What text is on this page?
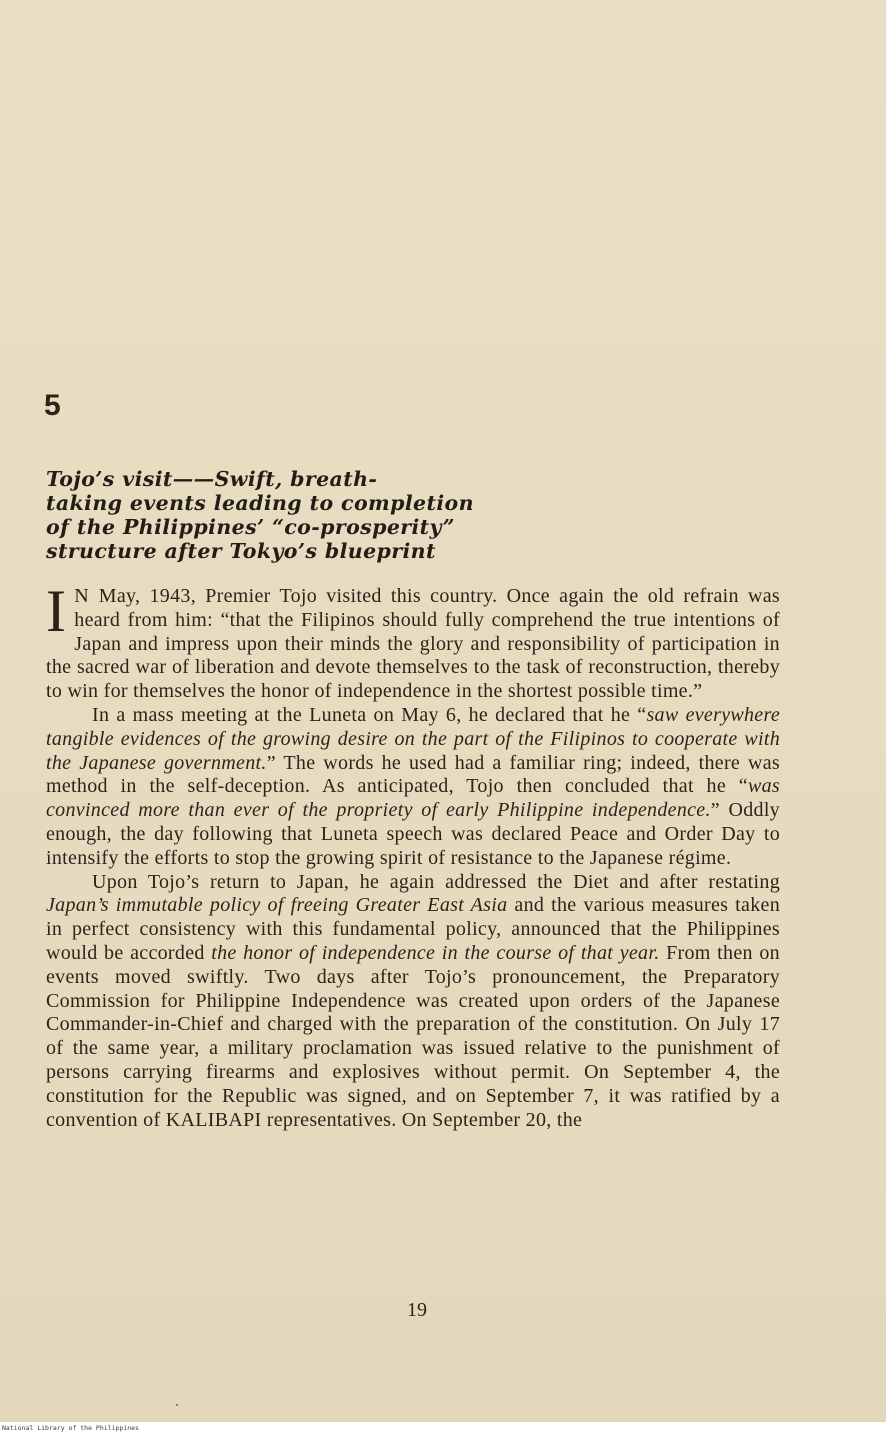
5
Tojo’s visit——Swift, breath-
taking events leading to completion
of the Philippines’ “co-prosperity”
structure after Tokyo’s blueprint

I N May, 1943, Premier Tojo visited this country. Once again the old refrain was heard from him: “that the Filipinos should fully comprehend the true intentions of Japan and impress upon their minds the glory and responsibility of participation in the sacred war of liberation and devote themselves to the task of reconstruction, thereby to win for themselves the honor of independence in the shortest possible time.”

In a mass meeting at the Luneta on May 6, he declared that he “saw everywhere tangible evidences of the growing desire on the part of the Filipinos to cooperate with the Japanese government.” The words he used had a familiar ring; indeed, there was method in the self-deception. As anticipated, Tojo then concluded that he “was convinced more than ever of the propriety of early Philippine independence.” Oddly enough, the day following that Luneta speech was declared Peace and Order Day to intensify the efforts to stop the growing spirit of resistance to the Japanese régime.

Upon Tojo’s return to Japan, he again addressed the Diet and after restating Japan’s immutable policy of freeing Greater East Asia and the various measures taken in perfect consistency with this fundamental policy, announced that the Philippines would be accorded the honor of independence in the course of that year. From then on events moved swiftly. Two days after Tojo’s pronouncement, the Preparatory Commission for Philippine Independence was created upon orders of the Japanese Commander-in-Chief and charged with the preparation of the constitution. On July 17 of the same year, a military proclamation was issued relative to the punishment of persons carrying firearms and explosives without permit. On September 4, the constitution for the Republic was signed, and on September 7, it was ratified by a convention of KALIBAPI representatives. On September 20, the

19
National Library of the Philippines
